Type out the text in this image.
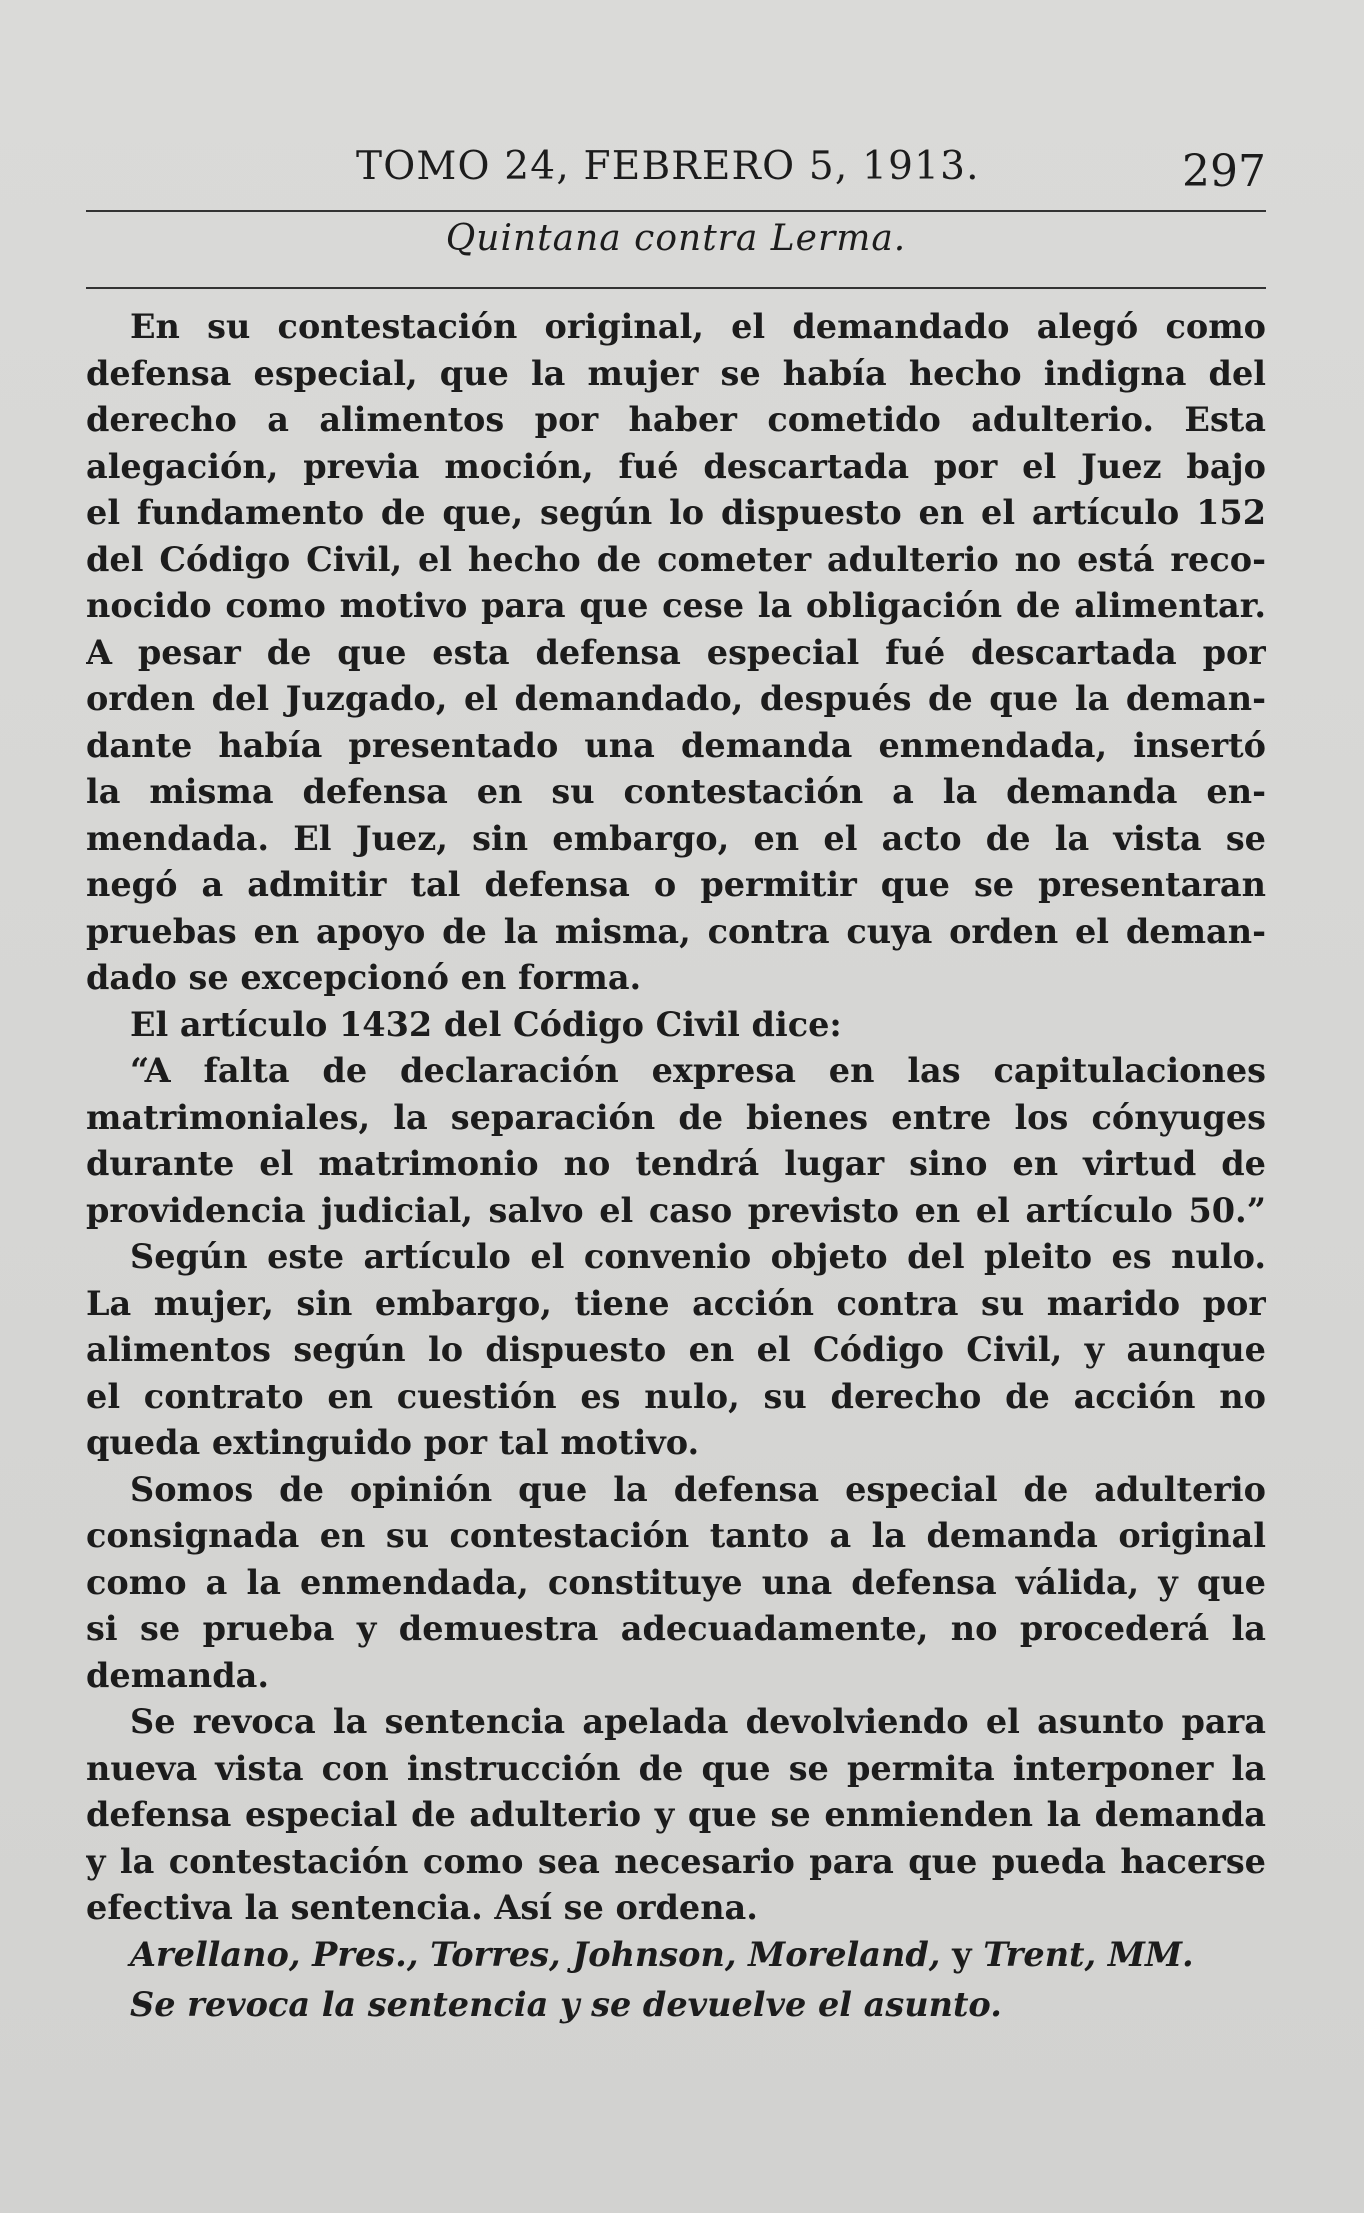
TOMO 24, FEBRERO 5, 1913.	297
Quintana contra Lerma.
En su contestación original, el demandado alegó como
defensa especial, que la mujer se había hecho indigna del
derecho a alimentos por haber cometido adulterio. Esta
alegación, previa moción, fué descartada por el Juez bajo
el fundamento de que, según lo dispuesto en el artículo 152
del Código Civil, el hecho de cometer adulterio no está reco-
nocido como motivo para que cese la obligación de alimentar.
A pesar de que esta defensa especial fué descartada por
orden del Juzgado, el demandado, después de que la deman-
dante había presentado una demanda enmendada, insertó
la misma defensa en su contestación a la demanda en-
mendada. El Juez, sin embargo, en el acto de la vista se
negó a admitir tal defensa o permitir que se presentaran
pruebas en apoyo de la misma, contra cuya orden el deman-
dado se excepcionó en forma.
El artículo 1432 del Código Civil dice:
“A falta de declaración expresa en las capitulaciones
matrimoniales, la separación de bienes entre los cónyuges
durante el matrimonio no tendrá lugar sino en virtud de
providencia judicial, salvo el caso previsto en el artículo 50.”
Según este artículo el convenio objeto del pleito es nulo.
La mujer, sin embargo, tiene acción contra su marido por
alimentos según lo dispuesto en el Código Civil, y aunque
el contrato en cuestión es nulo, su derecho de acción no
queda extinguido por tal motivo.
Somos de opinión que la defensa especial de adulterio
consignada en su contestación tanto a la demanda original
como a la enmendada, constituye una defensa válida, y que
si se prueba y demuestra adecuadamente, no procederá la
demanda.
Se revoca la sentencia apelada devolviendo el asunto para
nueva vista con instrucción de que se permita interponer la
defensa especial de adulterio y que se enmienden la demanda
y la contestación como sea necesario para que pueda hacerse
efectiva la sentencia. Así se ordena.
Arellano, Pres., Torres, Johnson, Moreland, y Trent, MM.
Se revoca la sentencia y se devuelve el asunto.
